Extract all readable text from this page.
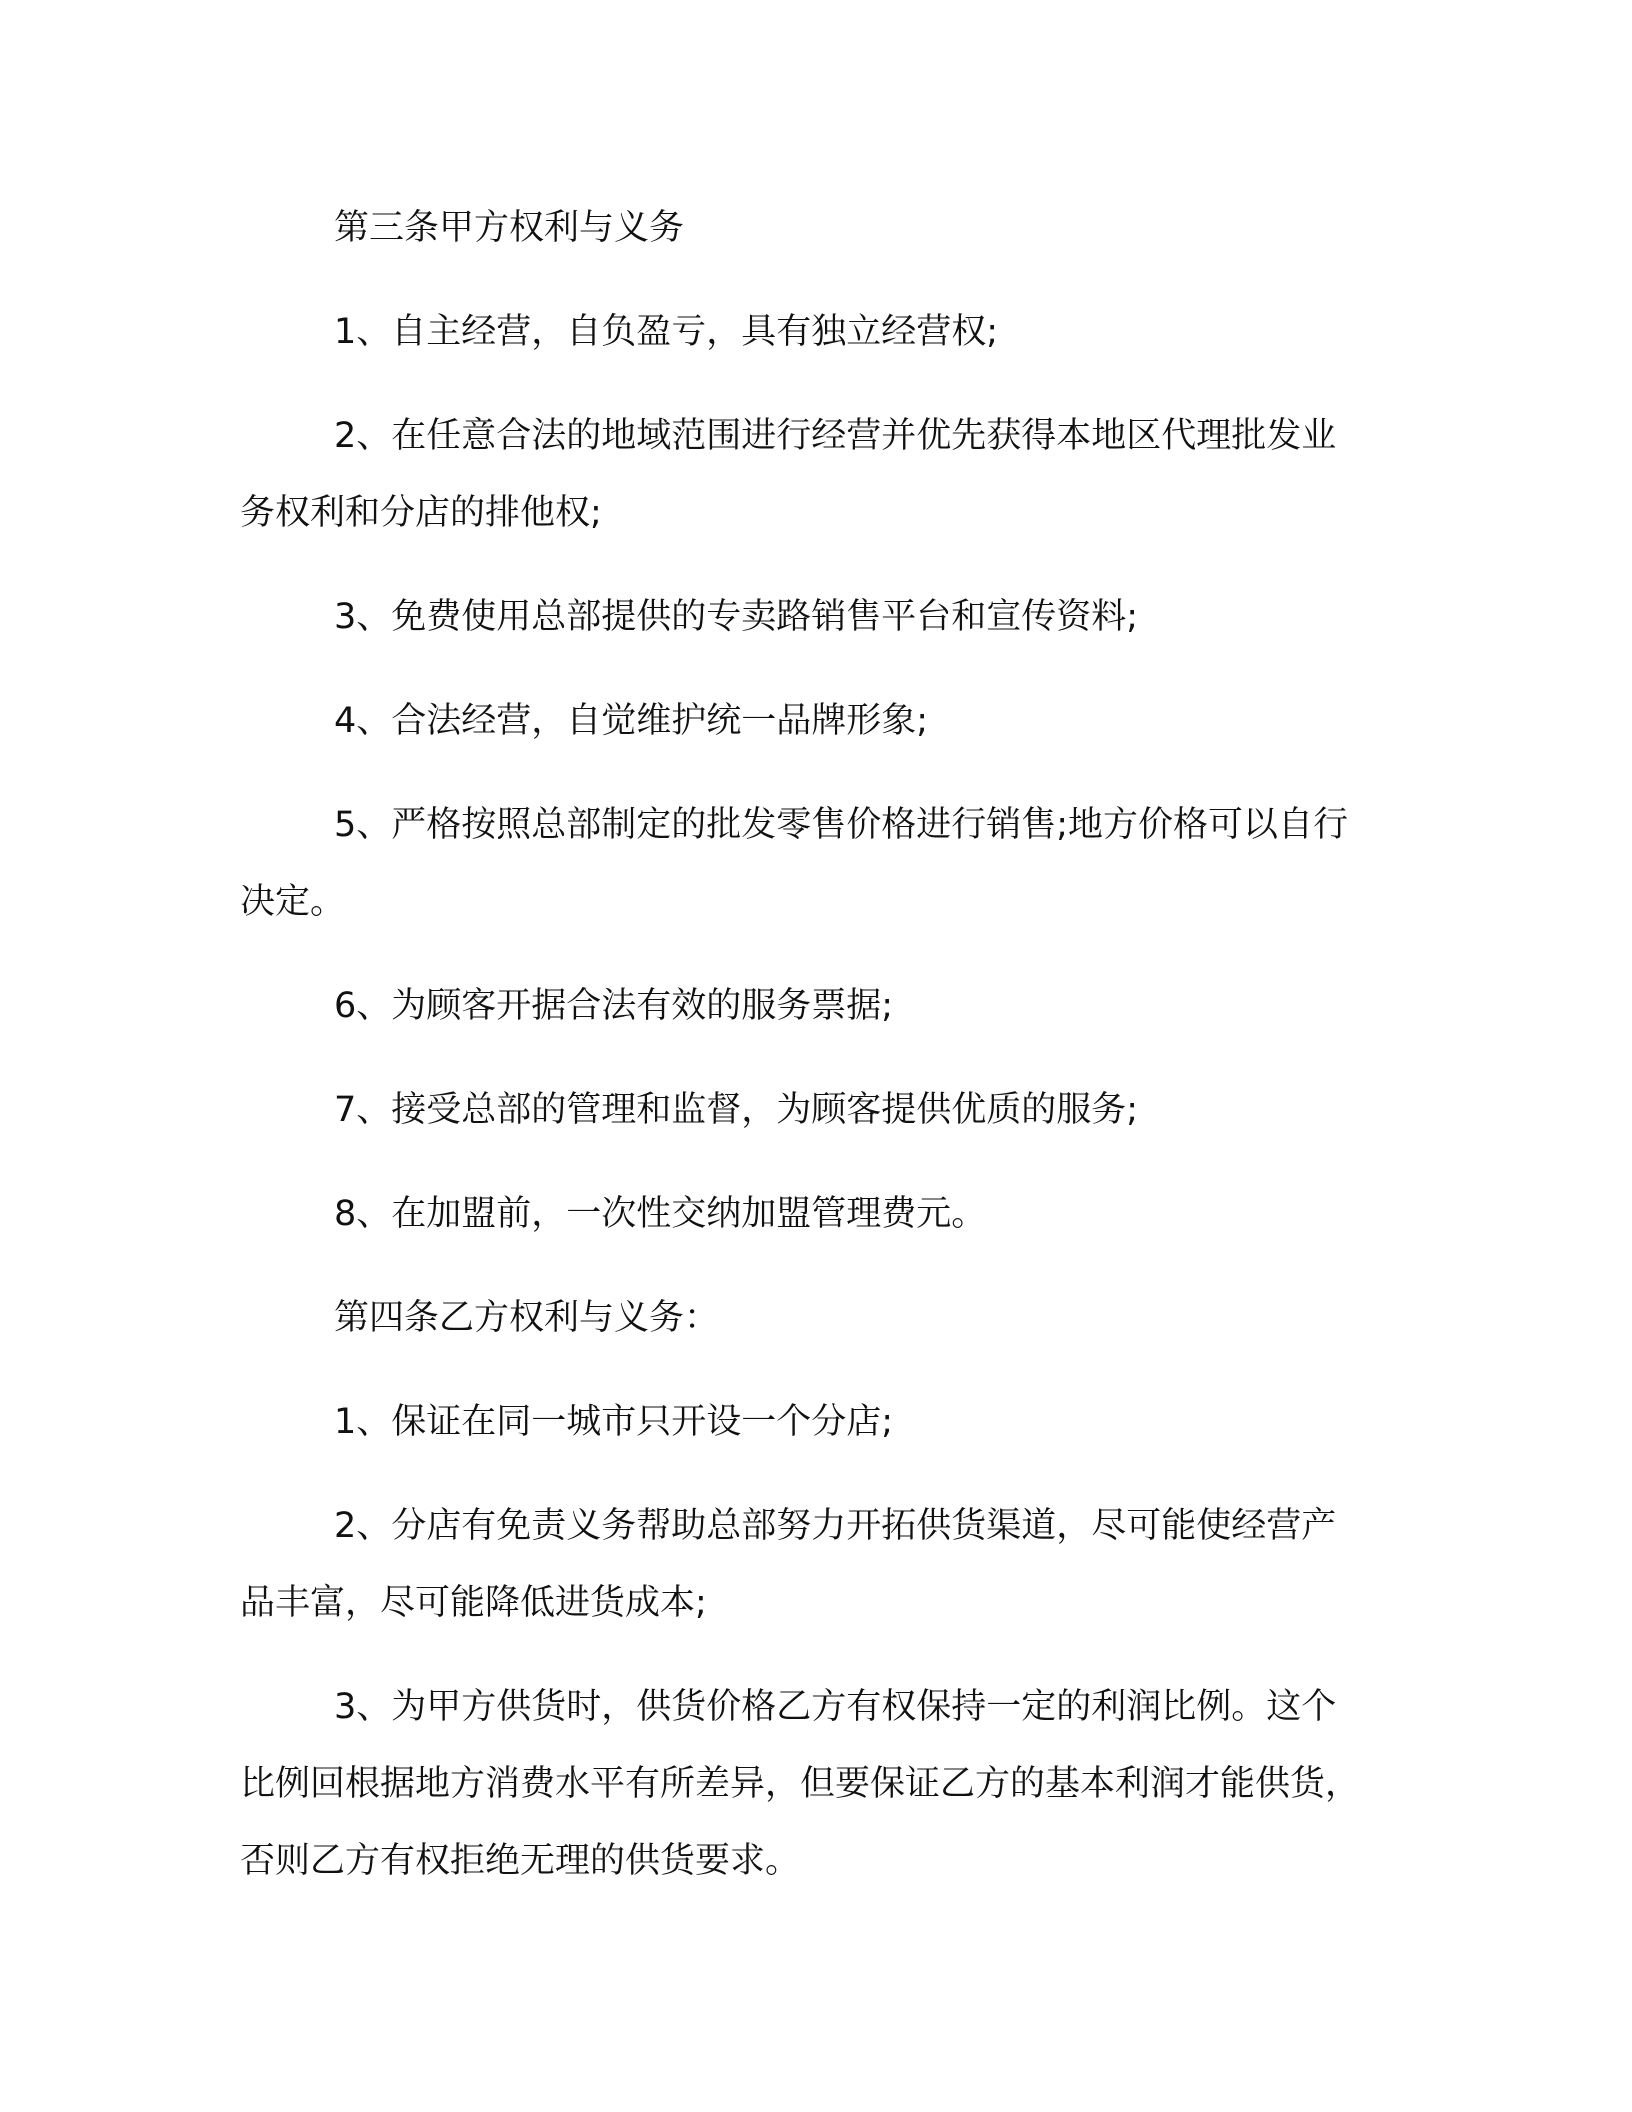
第三条甲方权利与义务

1、自主经营，自负盈亏，具有独立经营权;

2、在任意合法的地域范围进行经营并优先获得本地区代理批发业务权利和分店的排他权;

3、免费使用总部提供的专卖路销售平台和宣传资料;

4、合法经营，自觉维护统一品牌形象;

5、严格按照总部制定的批发零售价格进行销售;地方价格可以自行决定。

6、为顾客开据合法有效的服务票据;

7、接受总部的管理和监督，为顾客提供优质的服务;

8、在加盟前，一次性交纳加盟管理费元。

第四条乙方权利与义务：

1、保证在同一城市只开设一个分店;

2、分店有免责义务帮助总部努力开拓供货渠道，尽可能使经营产品丰富，尽可能降低进货成本;

3、为甲方供货时，供货价格乙方有权保持一定的利润比例。这个比例回根据地方消费水平有所差异，但要保证乙方的基本利润才能供货，否则乙方有权拒绝无理的供货要求。
